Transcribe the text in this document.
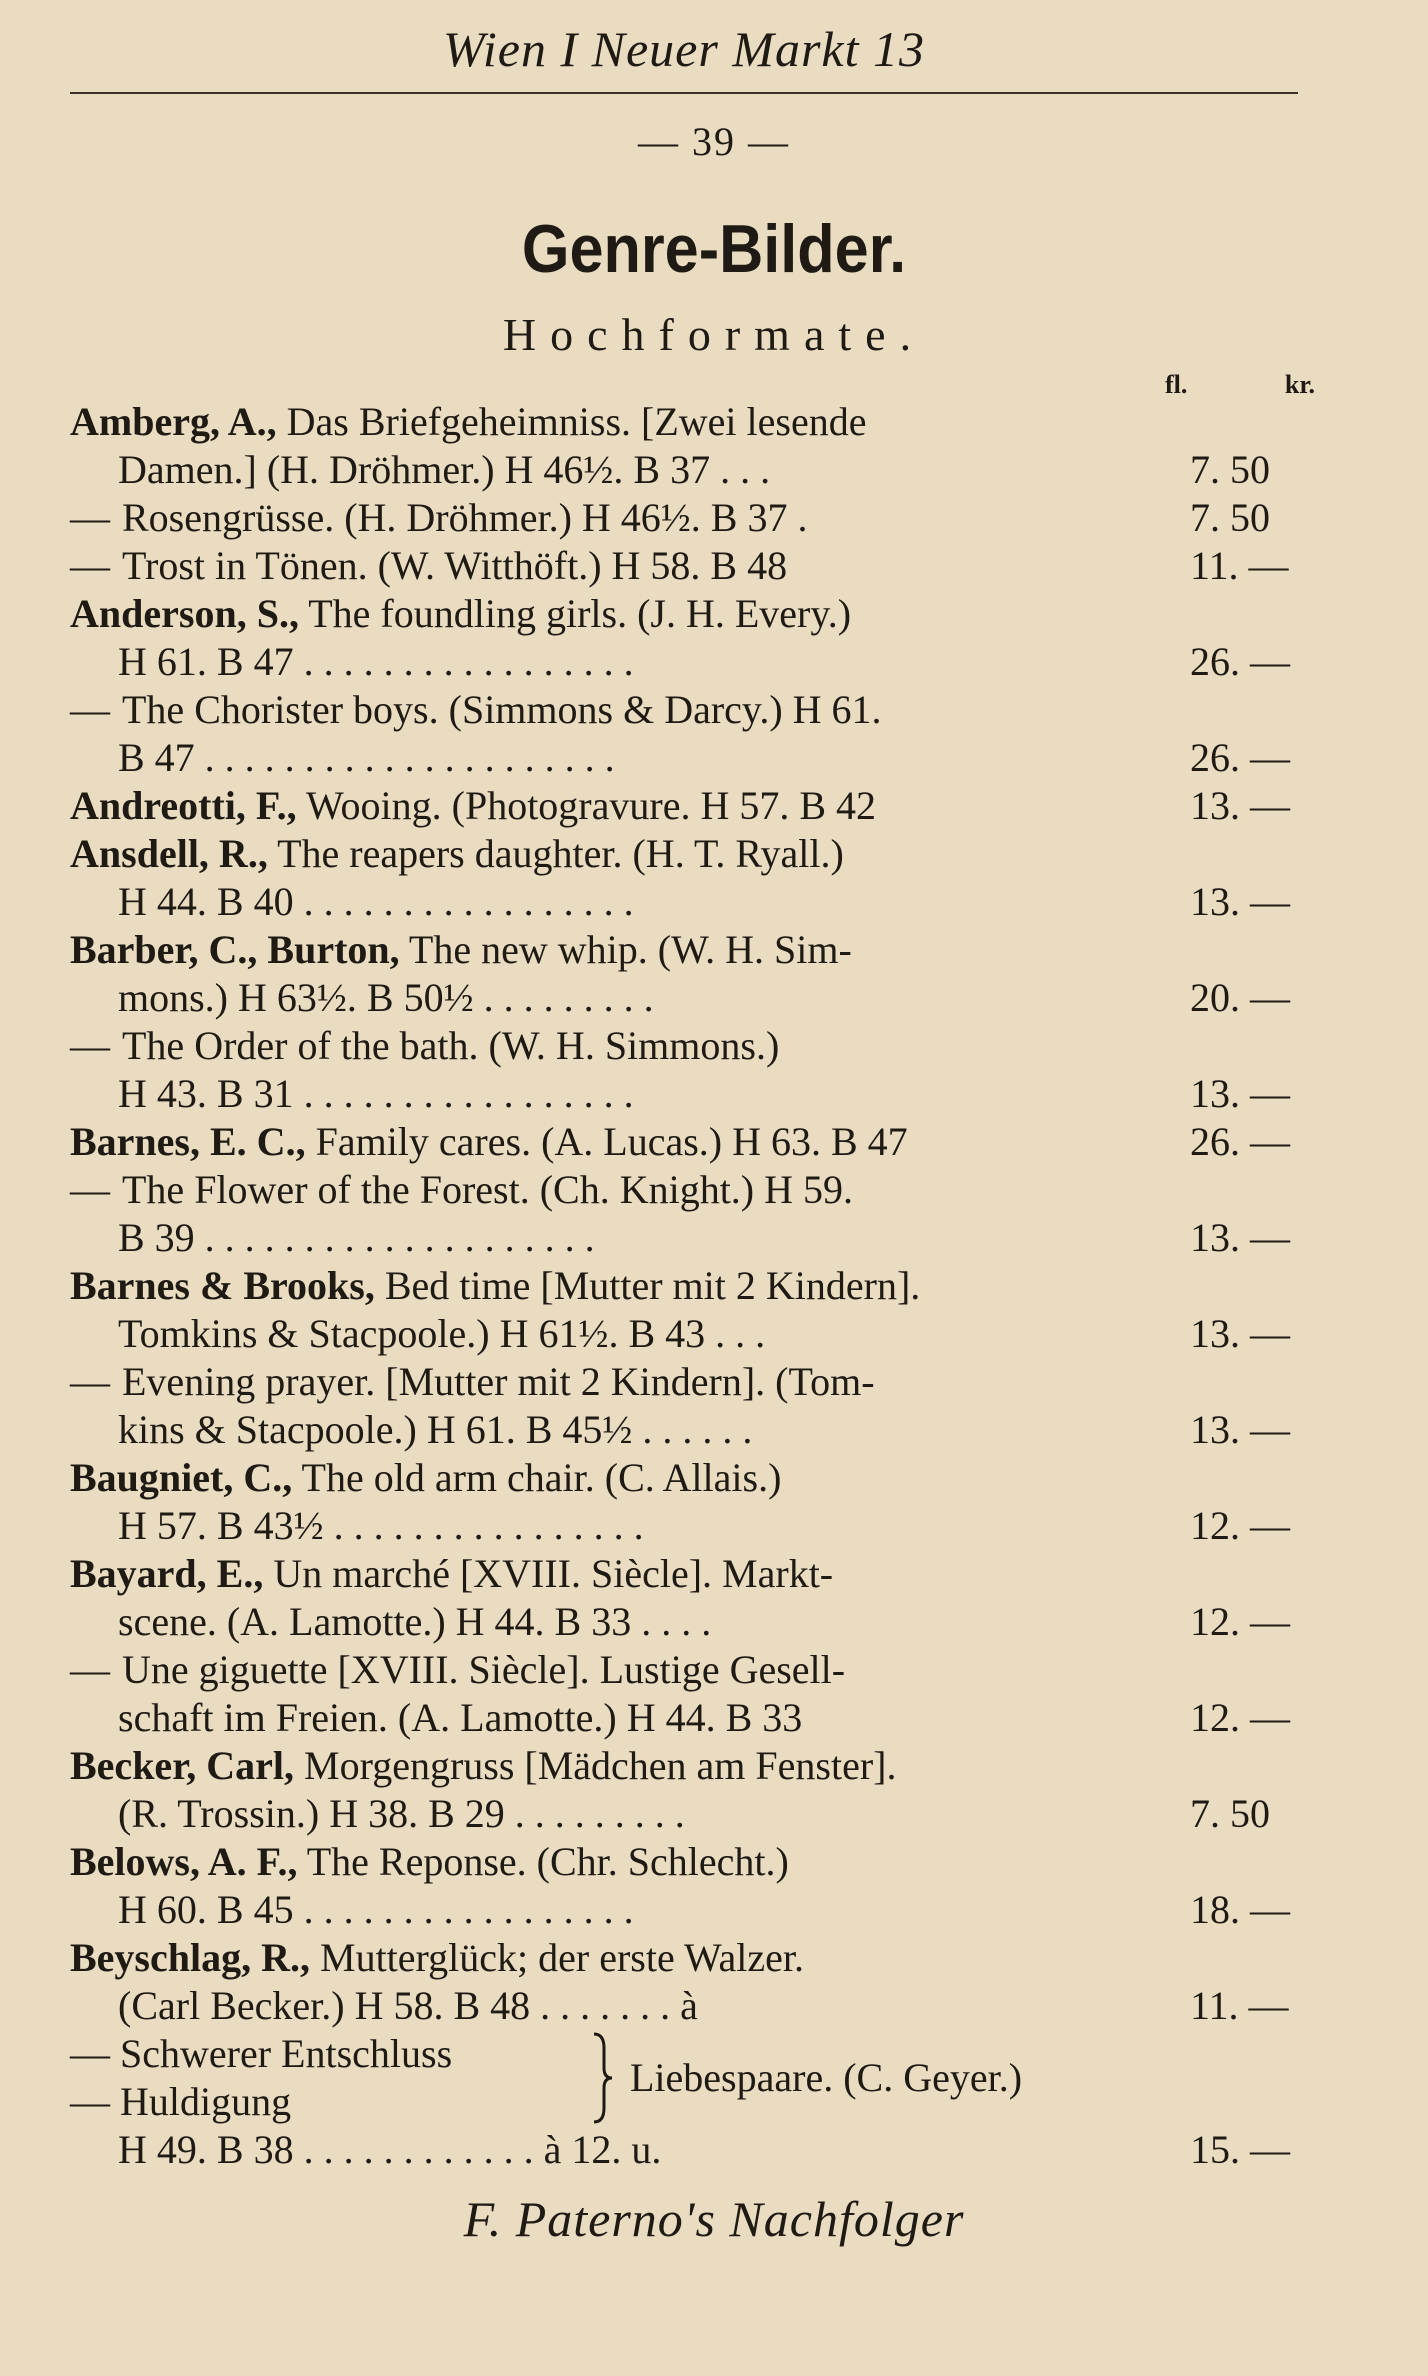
Wien I Neuer Markt 13
— 39 —
Genre-Bilder.
Hochformate.
fl.	kr.
Amberg, A., Das Briefgeheimniss. [Zwei lesende
Damen.] (H. Dröhmer.) H 46½. B 37 . . .	7. 50
— Rosengrüsse. (H. Dröhmer.) H 46½. B 37 .	7. 50
— Trost in Tönen. (W. Witthöft.) H 58. B 48	11. —
Anderson, S., The foundling girls. (J. H. Every.)
H 61. B 47 . . . . . . . . . . . . . . . . .	26. —
— The Chorister boys. (Simmons & Darcy.) H 61.
B 47 . . . . . . . . . . . . . . . . . . . . .	26. —
Andreotti, F., Wooing. (Photogravure. H 57. B 42	13. —
Ansdell, R., The reapers daughter. (H. T. Ryall.)
H 44. B 40 . . . . . . . . . . . . . . . . .	13. —
Barber, C., Burton, The new whip. (W. H. Sim-
mons.) H 63½. B 50½ . . . . . . . . .	20. —
— The Order of the bath. (W. H. Simmons.)
H 43. B 31 . . . . . . . . . . . . . . . . .	13. —
Barnes, E. C., Family cares. (A. Lucas.) H 63. B 47	26. —
— The Flower of the Forest. (Ch. Knight.) H 59.
B 39 . . . . . . . . . . . . . . . . . . . .	13. —
Barnes & Brooks, Bed time [Mutter mit 2 Kindern].
Tomkins & Stacpoole.) H 61½. B 43 . . .	13. —
— Evening prayer. [Mutter mit 2 Kindern]. (Tom-
kins & Stacpoole.) H 61. B 45½ . . . . . .	13. —
Baugniet, C., The old arm chair. (C. Allais.)
H 57. B 43½ . . . . . . . . . . . . . . . .	12. —
Bayard, E., Un marché [XVIII. Siècle]. Markt-
scene. (A. Lamotte.) H 44. B 33 . . . .	12. —
— Une giguette [XVIII. Siècle]. Lustige Gesell-
schaft im Freien. (A. Lamotte.) H 44. B 33	12. —
Becker, Carl, Morgengruss [Mädchen am Fenster].
(R. Trossin.) H 38. B 29 . . . . . . . . .	7. 50
Belows, A. F., The Reponse. (Chr. Schlecht.)
H 60. B 45 . . . . . . . . . . . . . . . . .	18. —
Beyschlag, R., Mutterglück; der erste Walzer.
(Carl Becker.) H 58. B 48 . . . . . . . à	11. —
— Schwerer Entschluss
— Huldigung
Liebespaare. (C. Geyer.)
H 49. B 38 . . . . . . . . . . . . à 12. u.	15. —
F. Paterno's Nachfolger
